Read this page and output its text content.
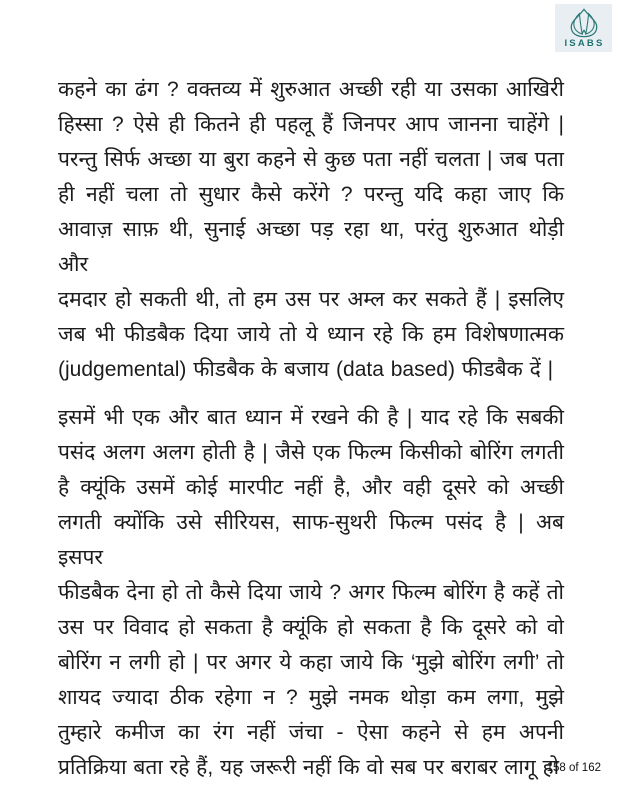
ISABS
कहने का ढंग ? वक्तव्य में शुरुआत अच्छी रही या उसका आखिरी
हिस्सा ? ऐसे ही कितने ही पहलू हैं जिनपर आप जानना चाहेंगे |
परन्तु सिर्फ अच्छा या बुरा कहने से कुछ पता नहीं चलता | जब पता
ही नहीं चला तो सुधार कैसे करेंगे ? परन्तु यदि कहा जाए कि
आवाज़ साफ़ थी, सुनाई अच्छा पड़ रहा था, परंतु शुरुआत थोड़ी और
दमदार हो सकती थी, तो हम उस पर अम्ल कर सकते हैं | इसलिए
जब भी फीडबैक दिया जाये तो ये ध्यान रहे कि हम विशेषणात्मक
(judgemental) फीडबैक के बजाय (data based) फीडबैक दें |
इसमें भी एक और बात ध्यान में रखने की है | याद रहे कि सबकी
पसंद अलग अलग होती है | जैसे एक फिल्म किसीको बोरिंग लगती
है क्यूंकि उसमें कोई मारपीट नहीं है, और वही दूसरे को अच्छी
लगती क्योंकि उसे सीरियस, साफ-सुथरी फिल्म पसंद है | अब इसपर
फीडबैक देना हो तो कैसे दिया जाये ? अगर फिल्म बोरिंग है कहें तो
उस पर विवाद हो सकता है क्यूंकि हो सकता है कि दूसरे को वो
बोरिंग न लगी हो | पर अगर ये कहा जाये कि ‘मुझे बोरिंग लगी’ तो
शायद ज्यादा ठीक रहेगा न ? मुझे नमक थोड़ा कम लगा, मुझे
तुम्हारे कमीज का रंग नहीं जंचा - ऐसा कहने से हम अपनी
प्रतिक्रिया बता रहे हैं, यह जरूरी नहीं कि वो सब पर बराबर लागू हो
158 of 162
